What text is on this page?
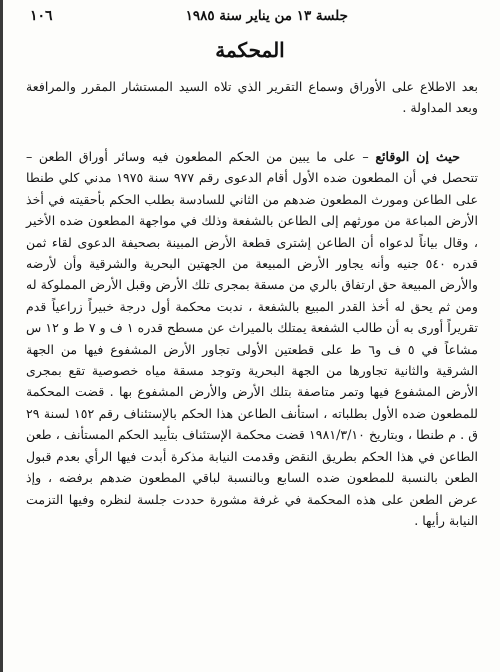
جلسة ١٣ من يناير سنة ١٩٨٥
١٠٦
المحكمة

بعد الاطلاع على الأوراق وسماع التقرير الذي تلاه السيد المستشار المقرر والمرافعة وبعد المداولة .

حيث إن الوقائع – على ما يبين من الحكم المطعون فيه وسائر أوراق الطعن – تتحصل في أن المطعون ضده الأول أقام الدعوى رقم ٩٧٧ سنة ١٩٧٥ مدني كلي طنطا على الطاعن ومورث المطعون ضدهم من الثاني للسادسة بطلب الحكم بأحقيته في أخذ الأرض المباعة من مورثهم إلى الطاعن بالشفعة وذلك في مواجهة المطعون ضده الأخير ، وقال بياناً لدعواه أن الطاعن إشترى قطعة الأرض المبينة بصحيفة الدعوى لقاء ثمن قدره ٥٤٠ جنيه وأنه يجاور الأرض المبيعة من الجهتين البحرية والشرقية وأن لأرضه والأرض المبيعة حق ارتفاق بالري من مسقة بمجرى تلك الأرض وقبل الأرض المملوكة له ومن ثم يحق له أخذ القدر المبيع بالشفعة ، ندبت محكمة أول درجة خبيراً زراعياً قدم تقريراً أورى به أن طالب الشفعة يمتلك بالميراث عن مسطح قدره ١ ف و ٧ ط و ١٢ س مشاعاً في ٥ ف و٦ ط على قطعتين الأولى تجاور الأرض المشفوع فيها من الجهة الشرقية والثانية تجاورها من الجهة البحرية وتوجد مسقة مياه خصوصية تقع بمجرى الأرض المشفوع فيها وتمر متاصفة بتلك الأرض والأرض المشفوع بها . قضت المحكمة للمطعون ضده الأول بطلباته ، استأنف الطاعن هذا الحكم بالإستئناف رقم ١٥٢ لسنة ٢٩ ق . م طنطا ، وبتاريخ ١٩٨١/٣/١٠ قضت محكمة الإستئناف بتأييد الحكم المستأنف ، طعن الطاعن في هذا الحكم بطريق النقض وقدمت النيابة مذكرة أبدت فيها الرأي بعدم قبول الطعن بالنسبة للمطعون ضده السابع وبالنسبة لباقي المطعون ضدهم برفضه ، وإذ عرض الطعن على هذه المحكمة في غرفة مشورة حددت جلسة لنظره وفيها التزمت النيابة رأيها .
